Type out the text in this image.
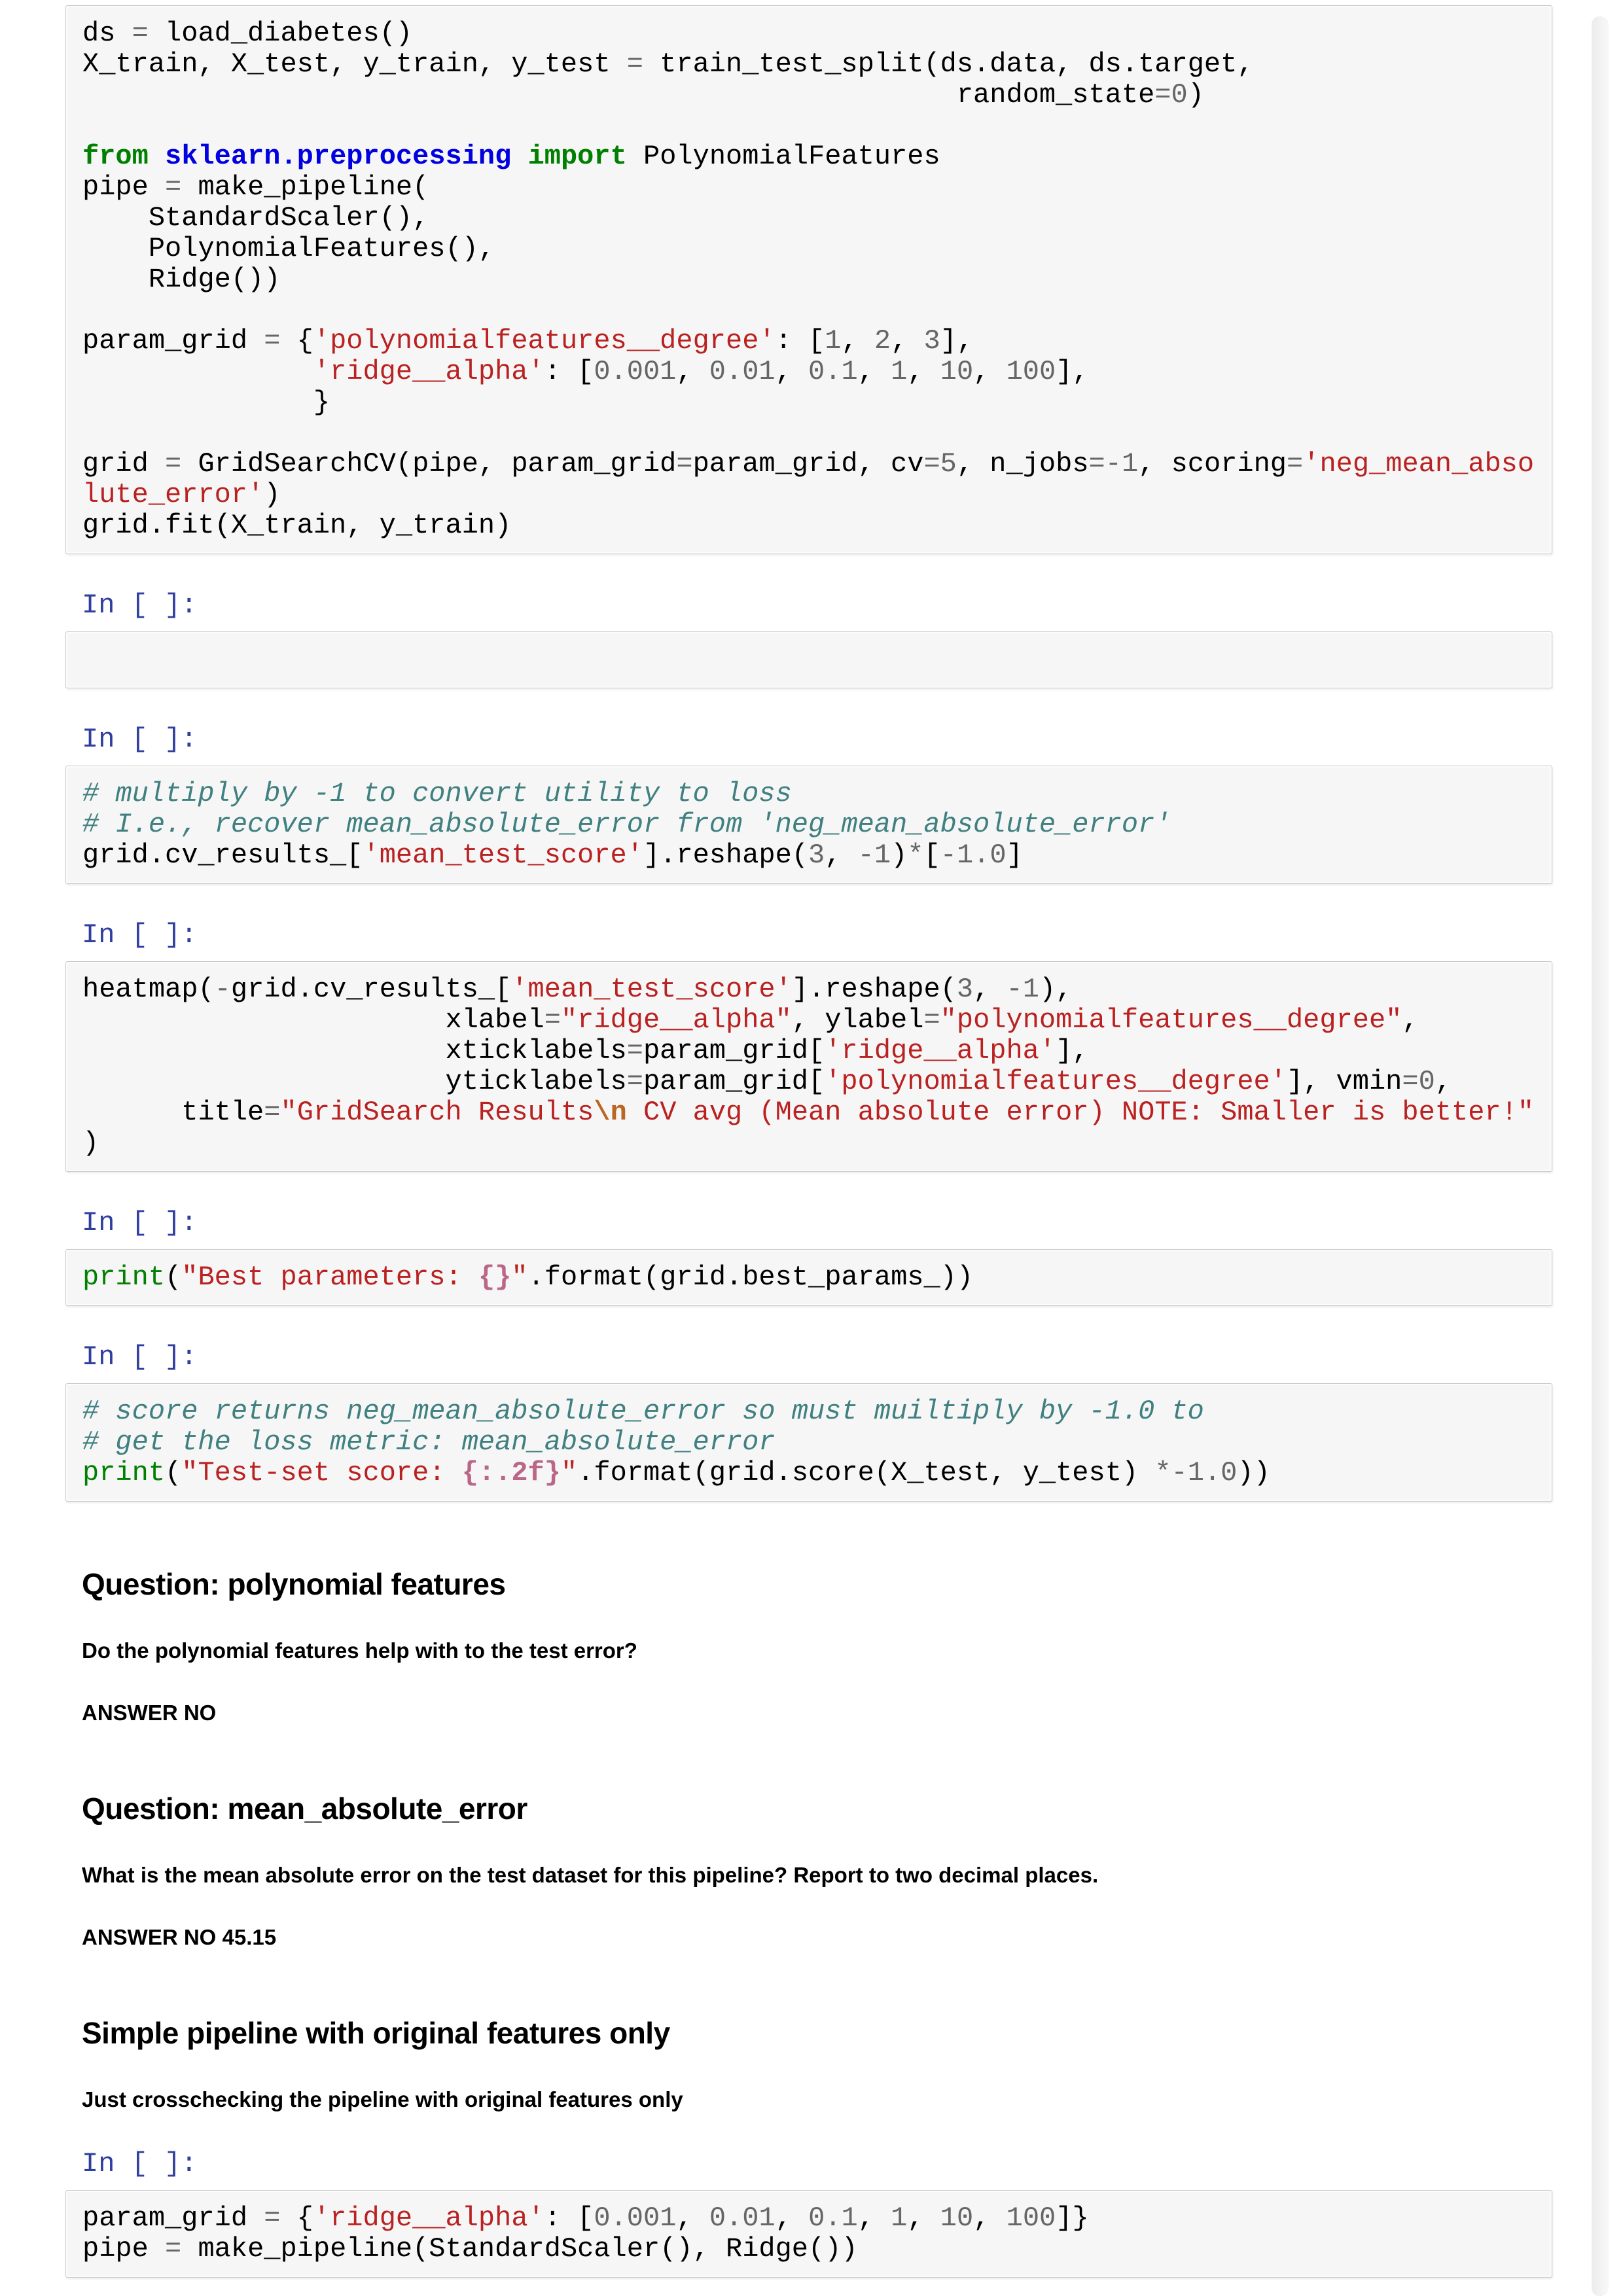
ds = load_diabetes()
X_train, X_test, y_train, y_test = train_test_split(ds.data, ds.target,
random_state=0)

from sklearn.preprocessing import PolynomialFeatures
pipe = make_pipeline(
StandardScaler(),
PolynomialFeatures(),
Ridge())

param_grid = {'polynomialfeatures__degree': [1, 2, 3],
'ridge__alpha': [0.001, 0.01, 0.1, 1, 10, 100],
}

grid = GridSearchCV(pipe, param_grid=param_grid, cv=5, n_jobs=-1, scoring='neg_mean_absolute_error')
grid.fit(X_train, y_train)
In [ ]:
In [ ]:
# multiply by -1 to convert utility to loss
# I.e., recover mean_absolute_error from 'neg_mean_absolute_error'
grid.cv_results_['mean_test_score'].reshape(3, -1)*[-1.0]
In [ ]:
heatmap(-grid.cv_results_['mean_test_score'].reshape(3, -1),
xlabel="ridge__alpha", ylabel="polynomialfeatures__degree",
xticklabels=param_grid['ridge__alpha'],
yticklabels=param_grid['polynomialfeatures__degree'], vmin=0,
title="GridSearch Results\n CV avg (Mean absolute error) NOTE: Smaller is better!"
)
In [ ]:
print("Best parameters: {}".format(grid.best_params_))
In [ ]:
# score returns neg_mean_absolute_error so must muiltiply by -1.0 to
# get the loss metric: mean_absolute_error
print("Test-set score: {:.2f}".format(grid.score(X_test, y_test) *-1.0))
Question: polynomial features
Do the polynomial features help with to the test error?
ANSWER NO
Question: mean_absolute_error
What is the mean absolute error on the test dataset for this pipeline? Report to two decimal places.
ANSWER NO 45.15
Simple pipeline with original features only
Just crosschecking the pipeline with original features only
In [ ]:
param_grid = {'ridge__alpha': [0.001, 0.01, 0.1, 1, 10, 100]}
pipe = make_pipeline(StandardScaler(), Ridge())
